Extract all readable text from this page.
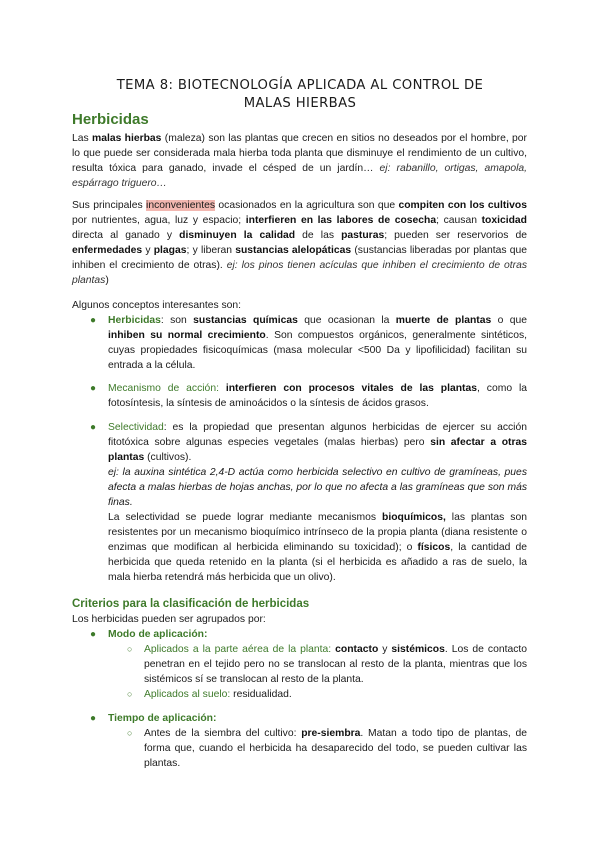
TEMA 8: BIOTECNOLOGÍA APLICADA AL CONTROL DE
MALAS HIERBAS
Herbicidas
Las malas hierbas (maleza) son las plantas que crecen en sitios no deseados por el hombre, por lo que puede ser considerada mala hierba toda planta que disminuye el rendimiento de un cultivo, resulta tóxica para ganado, invade el césped de un jardín… ej: rabanillo, ortigas, amapola, espárrago triguero…
Sus principales inconvenientes ocasionados en la agricultura son que compiten con los cultivos por nutrientes, agua, luz y espacio; interfieren en las labores de cosecha; causan toxicidad directa al ganado y disminuyen la calidad de las pasturas; pueden ser reservorios de enfermedades y plagas; y liberan sustancias alelopáticas (sustancias liberadas por plantas que inhiben el crecimiento de otras). ej: los pinos tienen acículas que inhiben el crecimiento de otras plantas)
Algunos conceptos interesantes son:
● Herbicidas: son sustancias químicas que ocasionan la muerte de plantas o que inhiben su normal crecimiento. Son compuestos orgánicos, generalmente sintéticos, cuyas propiedades fisicoquímicas (masa molecular <500 Da y lipofilicidad) facilitan su entrada a la célula.
● Mecanismo de acción: interfieren con procesos vitales de las plantas, como la fotosíntesis, la síntesis de aminoácidos o la síntesis de ácidos grasos.
● Selectividad: es la propiedad que presentan algunos herbicidas de ejercer su acción fitotóxica sobre algunas especies vegetales (malas hierbas) pero sin afectar a otras plantas (cultivos).
ej: la auxina sintética 2,4-D actúa como herbicida selectivo en cultivo de gramíneas, pues afecta a malas hierbas de hojas anchas, por lo que no afecta a las gramíneas que son más finas.
La selectividad se puede lograr mediante mecanismos bioquímicos, las plantas son resistentes por un mecanismo bioquímico intrínseco de la propia planta (diana resistente o enzimas que modifican al herbicida eliminando su toxicidad); o físicos, la cantidad de herbicida que queda retenido en la planta (si el herbicida es añadido a ras de suelo, la mala hierba retendrá más herbicida que un olivo).
Criterios para la clasificación de herbicidas
Los herbicidas pueden ser agrupados por:
● Modo de aplicación:
○ Aplicados a la parte aérea de la planta: contacto y sistémicos. Los de contacto penetran en el tejido pero no se translocan al resto de la planta, mientras que los sistémicos sí se translocan al resto de la planta.
○ Aplicados al suelo: residualidad.
● Tiempo de aplicación:
○ Antes de la siembra del cultivo: pre-siembra. Matan a todo tipo de plantas, de forma que, cuando el herbicida ha desaparecido del todo, se pueden cultivar las plantas.
